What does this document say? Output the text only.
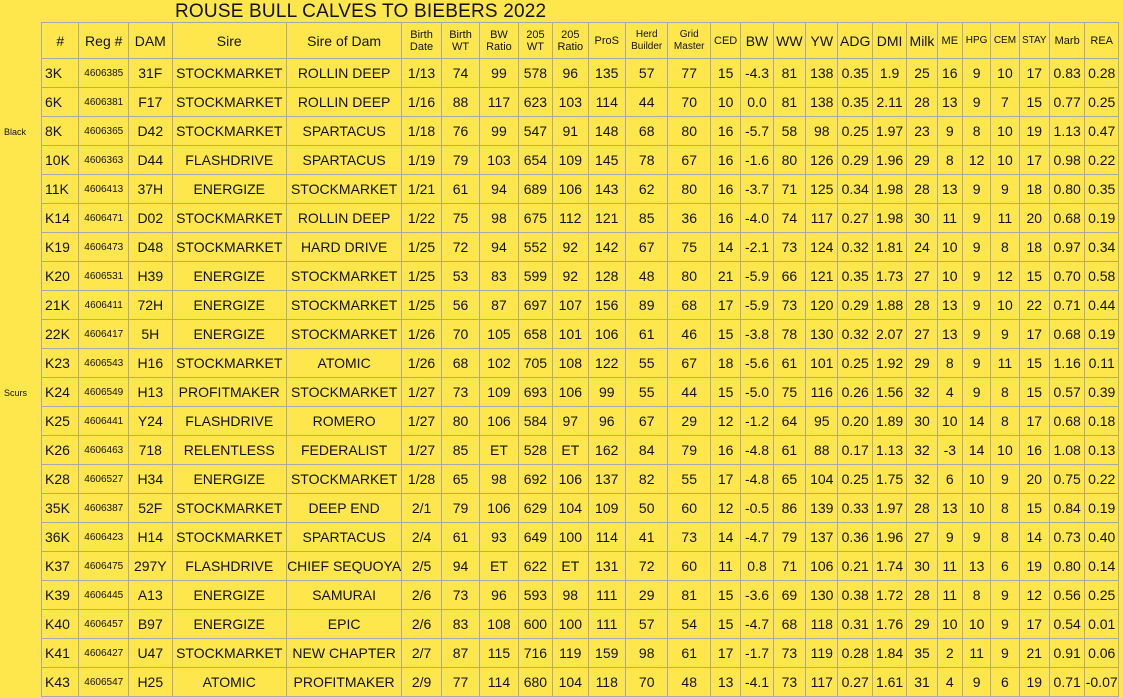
ROUSE BULL CALVES TO BIEBERS 2022
Black
Scurs
#	Reg #	DAM	Sire	Sire of Dam	Birth Date	Birth WT	BW Ratio	205 WT	205 Ratio	ProS	Herd Builder	Grid Master	CED	BW	WW	YW	ADG	DMI	Milk	ME	HPG	CEM	STAY	Marb	REA
3K	4606385	31F	STOCKMARKET	ROLLIN DEEP	1/13	74	99	578	96	135	57	77	15	-4.3	81	138	0.35	1.9	25	16	9	10	17	0.83	0.28
6K	4606381	F17	STOCKMARKET	ROLLIN DEEP	1/16	88	117	623	103	114	44	70	10	0.0	81	138	0.35	2.11	28	13	9	7	15	0.77	0.25
8K	4606365	D42	STOCKMARKET	SPARTACUS	1/18	76	99	547	91	148	68	80	16	-5.7	58	98	0.25	1.97	23	9	8	10	19	1.13	0.47
10K	4606363	D44	FLASHDRIVE	SPARTACUS	1/19	79	103	654	109	145	78	67	16	-1.6	80	126	0.29	1.96	29	8	12	10	17	0.98	0.22
11K	4606413	37H	ENERGIZE	STOCKMARKET	1/21	61	94	689	106	143	62	80	16	-3.7	71	125	0.34	1.98	28	13	9	9	18	0.80	0.35
K14	4606471	D02	STOCKMARKET	ROLLIN DEEP	1/22	75	98	675	112	121	85	36	16	-4.0	74	117	0.27	1.98	30	11	9	11	20	0.68	0.19
K19	4606473	D48	STOCKMARKET	HARD DRIVE	1/25	72	94	552	92	142	67	75	14	-2.1	73	124	0.32	1.81	24	10	9	8	18	0.97	0.34
K20	4606531	H39	ENERGIZE	STOCKMARKET	1/25	53	83	599	92	128	48	80	21	-5.9	66	121	0.35	1.73	27	10	9	12	15	0.70	0.58
21K	4606411	72H	ENERGIZE	STOCKMARKET	1/25	56	87	697	107	156	89	68	17	-5.9	73	120	0.29	1.88	28	13	9	10	22	0.71	0.44
22K	4606417	5H	ENERGIZE	STOCKMARKET	1/26	70	105	658	101	106	61	46	15	-3.8	78	130	0.32	2.07	27	13	9	9	17	0.68	0.19
K23	4606543	H16	STOCKMARKET	ATOMIC	1/26	68	102	705	108	122	55	67	18	-5.6	61	101	0.25	1.92	29	8	9	11	15	1.16	0.11
K24	4606549	H13	PROFITMAKER	STOCKMARKET	1/27	73	109	693	106	99	55	44	15	-5.0	75	116	0.26	1.56	32	4	9	8	15	0.57	0.39
K25	4606441	Y24	FLASHDRIVE	ROMERO	1/27	80	106	584	97	96	67	29	12	-1.2	64	95	0.20	1.89	30	10	14	8	17	0.68	0.18
K26	4606463	718	RELENTLESS	FEDERALIST	1/27	85	ET	528	ET	162	84	79	16	-4.8	61	88	0.17	1.13	32	-3	14	10	16	1.08	0.13
K28	4606527	H34	ENERGIZE	STOCKMARKET	1/28	65	98	692	106	137	82	55	17	-4.8	65	104	0.25	1.75	32	6	10	9	20	0.75	0.22
35K	4606387	52F	STOCKMARKET	DEEP END	2/1	79	106	629	104	109	50	60	12	-0.5	86	139	0.33	1.97	28	13	10	8	15	0.84	0.19
36K	4606423	H14	STOCKMARKET	SPARTACUS	2/4	61	93	649	100	114	41	73	14	-4.7	79	137	0.36	1.96	27	9	9	8	14	0.73	0.40
K37	4606475	297Y	FLASHDRIVE	CHIEF SEQUOYA	2/5	94	ET	622	ET	131	72	60	11	0.8	71	106	0.21	1.74	30	11	13	6	19	0.80	0.14
K39	4606445	A13	ENERGIZE	SAMURAI	2/6	73	96	593	98	111	29	81	15	-3.6	69	130	0.38	1.72	28	11	8	9	12	0.56	0.25
K40	4606457	B97	ENERGIZE	EPIC	2/6	83	108	600	100	111	57	54	15	-4.7	68	118	0.31	1.76	29	10	10	9	17	0.54	0.01
K41	4606427	U47	STOCKMARKET	NEW CHAPTER	2/7	87	115	716	119	159	98	61	17	-1.7	73	119	0.28	1.84	35	2	11	9	21	0.91	0.06
K43	4606547	H25	ATOMIC	PROFITMAKER	2/9	77	114	680	104	118	70	48	13	-4.1	73	117	0.27	1.61	31	4	9	6	19	0.71	-0.07
